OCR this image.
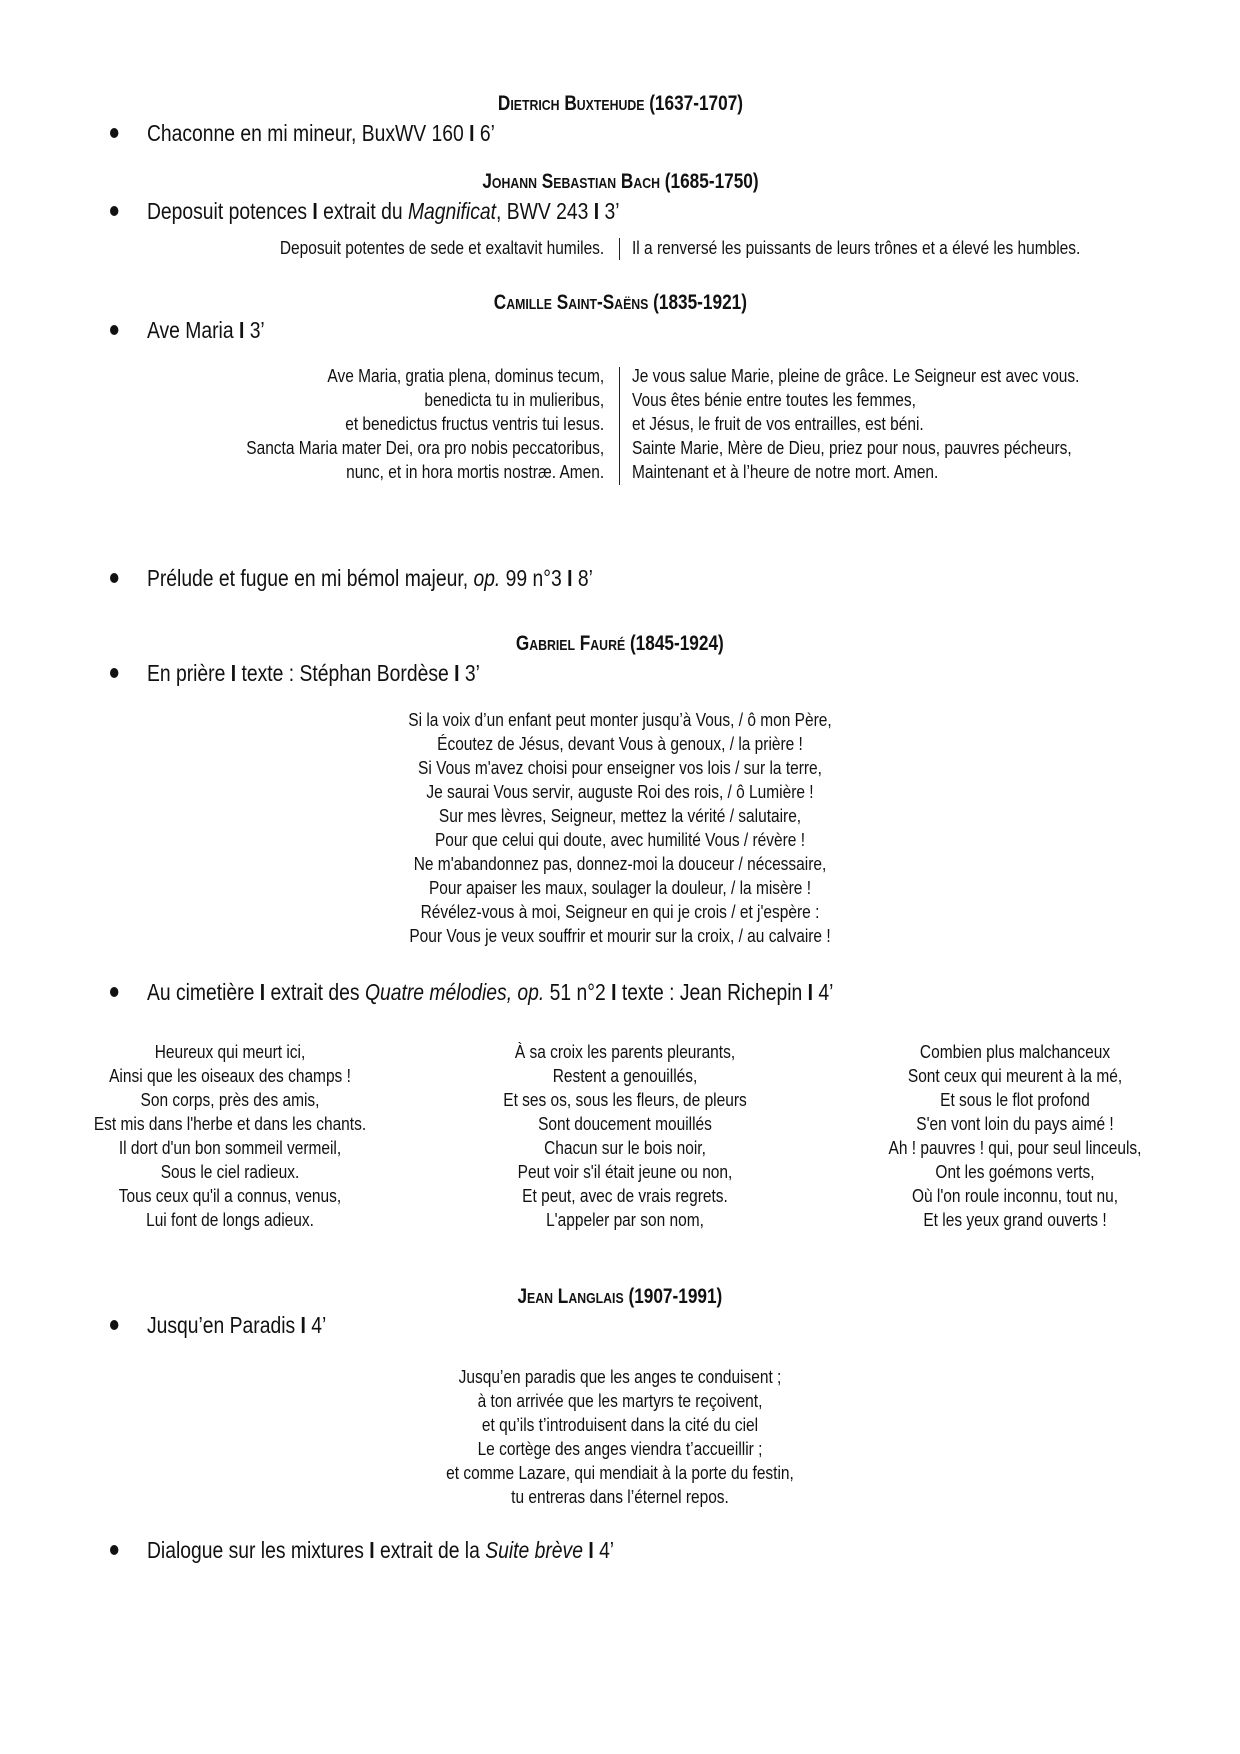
Dietrich Buxtehude (1637-1707)
Chaconne en mi mineur, BuxWV 160 I 6’
Johann Sebastian Bach (1685-1750)
Deposuit potences I extrait du Magnificat, BWV 243 I 3’
Deposuit potentes de sede et exaltavit humiles. Il a renversé les puissants de leurs trônes et a élevé les humbles.
Camille Saint-Saëns (1835-1921)
Ave Maria I 3’
Ave Maria, gratia plena, dominus tecum,
benedicta tu in mulieribus,
et benedictus fructus ventris tui Iesus.
Sancta Maria mater Dei, ora pro nobis peccatoribus,
nunc, et in hora mortis nostræ. Amen.
Je vous salue Marie, pleine de grâce. Le Seigneur est avec vous.
Vous êtes bénie entre toutes les femmes,
et Jésus, le fruit de vos entrailles, est béni.
Sainte Marie, Mère de Dieu, priez pour nous, pauvres pécheurs,
Maintenant et à l’heure de notre mort. Amen.
Prélude et fugue en mi bémol majeur, op. 99 n°3 I 8’
Gabriel Fauré (1845-1924)
En prière I texte : Stéphan Bordèse I 3’
Si la voix d’un enfant peut monter jusqu’à Vous, / ô mon Père,
Écoutez de Jésus, devant Vous à genoux, / la prière !
Si Vous m'avez choisi pour enseigner vos lois / sur la terre,
Je saurai Vous servir, auguste Roi des rois, / ô Lumière !
Sur mes lèvres, Seigneur, mettez la vérité / salutaire,
Pour que celui qui doute, avec humilité Vous / révère !
Ne m'abandonnez pas, donnez-moi la douceur / nécessaire,
Pour apaiser les maux, soulager la douleur, / la misère !
Révélez-vous à moi, Seigneur en qui je crois / et j'espère :
Pour Vous je veux souffrir et mourir sur la croix, / au calvaire !
Au cimetière I extrait des Quatre mélodies, op. 51 n°2 I texte : Jean Richepin I 4’
Heureux qui meurt ici,
Ainsi que les oiseaux des champs !
Son corps, près des amis,
Est mis dans l'herbe et dans les chants.
Il dort d'un bon sommeil vermeil,
Sous le ciel radieux.
Tous ceux qu'il a connus, venus,
Lui font de longs adieux.
À sa croix les parents pleurants,
Restent a genouillés,
Et ses os, sous les fleurs, de pleurs
Sont doucement mouillés
Chacun sur le bois noir,
Peut voir s'il était jeune ou non,
Et peut, avec de vrais regrets.
L'appeler par son nom,
Combien plus malchanceux
Sont ceux qui meurent à la mé,
Et sous le flot profond
S'en vont loin du pays aimé !
Ah ! pauvres ! qui, pour seul linceuls,
Ont les goémons verts,
Où l'on roule inconnu, tout nu,
Et les yeux grand ouverts !
Jean Langlais (1907-1991)
Jusqu’en Paradis I 4’
Jusqu’en paradis que les anges te conduisent ;
à ton arrivée que les martyrs te reçoivent,
et qu’ils t’introduisent dans la cité du ciel
Le cortège des anges viendra t’accueillir ;
et comme Lazare, qui mendiait à la porte du festin,
tu entreras dans l’éternel repos.
Dialogue sur les mixtures I extrait de la Suite brève I 4’
